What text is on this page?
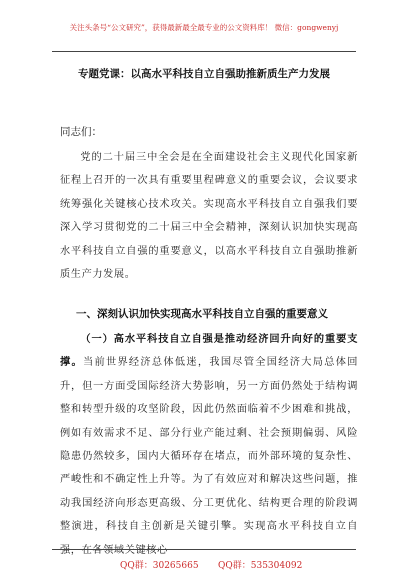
关注头条号“公文研究”，获得最新最全最专业的公文资料库！ 微信：gongwenyj
专题党课：以高水平科技自立自强助推新质生产力发展
同志们：

党的二十届三中全会是在全面建设社会主义现代化国家新征程上召开的一次具有重要里程碑意义的重要会议，会议要求统筹强化关键核心技术攻关。实现高水平科技自立自强我们要深入学习贯彻党的二十届三中全会精神，深刻认识加快实现高水平科技自立自强的重要意义，以高水平科技自立自强助推新质生产力发展。

一、深刻认识加快实现高水平科技自立自强的重要意义

（一）高水平科技自立自强是推动经济回升向好的重要支撑。当前世界经济总体低迷，我国尽管全国经济大局总体回升，但一方面受国际经济大势影响，另一方面仍然处于结构调整和转型升级的攻坚阶段，因此仍然面临着不少困难和挑战，例如有效需求不足、部分行业产能过剩、社会预期偏弱、风险隐患仍然较多，国内大循环存在堵点，而外部环境的复杂性、严峻性和不确定性上升等。为了有效应对和解决这些问题，推动我国经济向形态更高级、分工更优化、结构更合理的阶段调整演进，科技自主创新是关键引擎。实现高水平科技自立自强，在各领域关键核心

QQ群：30265665 QQ群：535304092
